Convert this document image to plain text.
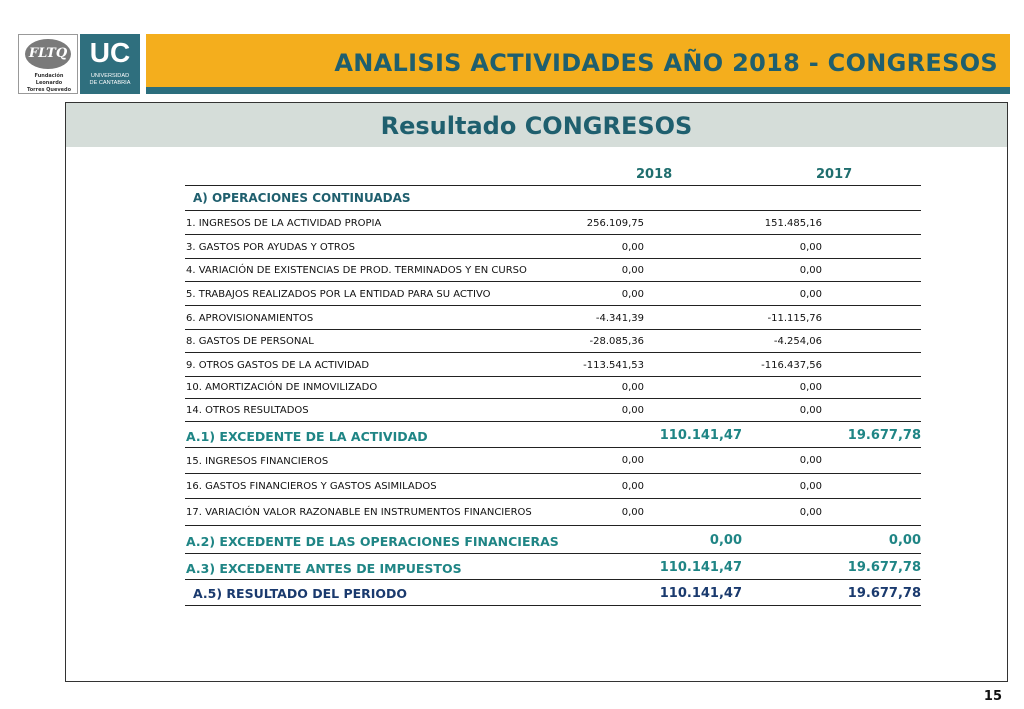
FLTQ
Fundación Leonardo
Torres Quevedo
UC
UNIVERSIDAD
DE CANTABRIA
ANALISIS ACTIVIDADES AÑO 2018 - CONGRESOS
Resultado CONGRESOS
2018	2017
A) OPERACIONES CONTINUADAS
1. INGRESOS DE LA ACTIVIDAD PROPIA	256.109,75	151.485,16
3. GASTOS POR AYUDAS Y OTROS	0,00	0,00
4. VARIACIÓN DE EXISTENCIAS DE PROD. TERMINADOS Y EN CURSO	0,00	0,00
5. TRABAJOS REALIZADOS POR LA ENTIDAD PARA SU ACTIVO	0,00	0,00
6. APROVISIONAMIENTOS	-4.341,39	-11.115,76
8. GASTOS DE PERSONAL	-28.085,36	-4.254,06
9. OTROS GASTOS DE LA ACTIVIDAD	-113.541,53	-116.437,56
10. AMORTIZACIÓN DE INMOVILIZADO	0,00	0,00
14. OTROS RESULTADOS	0,00	0,00
A.1) EXCEDENTE DE LA ACTIVIDAD	110.141,47	19.677,78
15. INGRESOS FINANCIEROS	0,00	0,00
16. GASTOS FINANCIEROS Y GASTOS ASIMILADOS	0,00	0,00
17. VARIACIÓN VALOR RAZONABLE EN INSTRUMENTOS FINANCIEROS	0,00	0,00
A.2) EXCEDENTE DE LAS OPERACIONES FINANCIERAS	0,00	0,00
A.3) EXCEDENTE ANTES DE IMPUESTOS	110.141,47	19.677,78
A.5) RESULTADO DEL PERIODO	110.141,47	19.677,78
15
